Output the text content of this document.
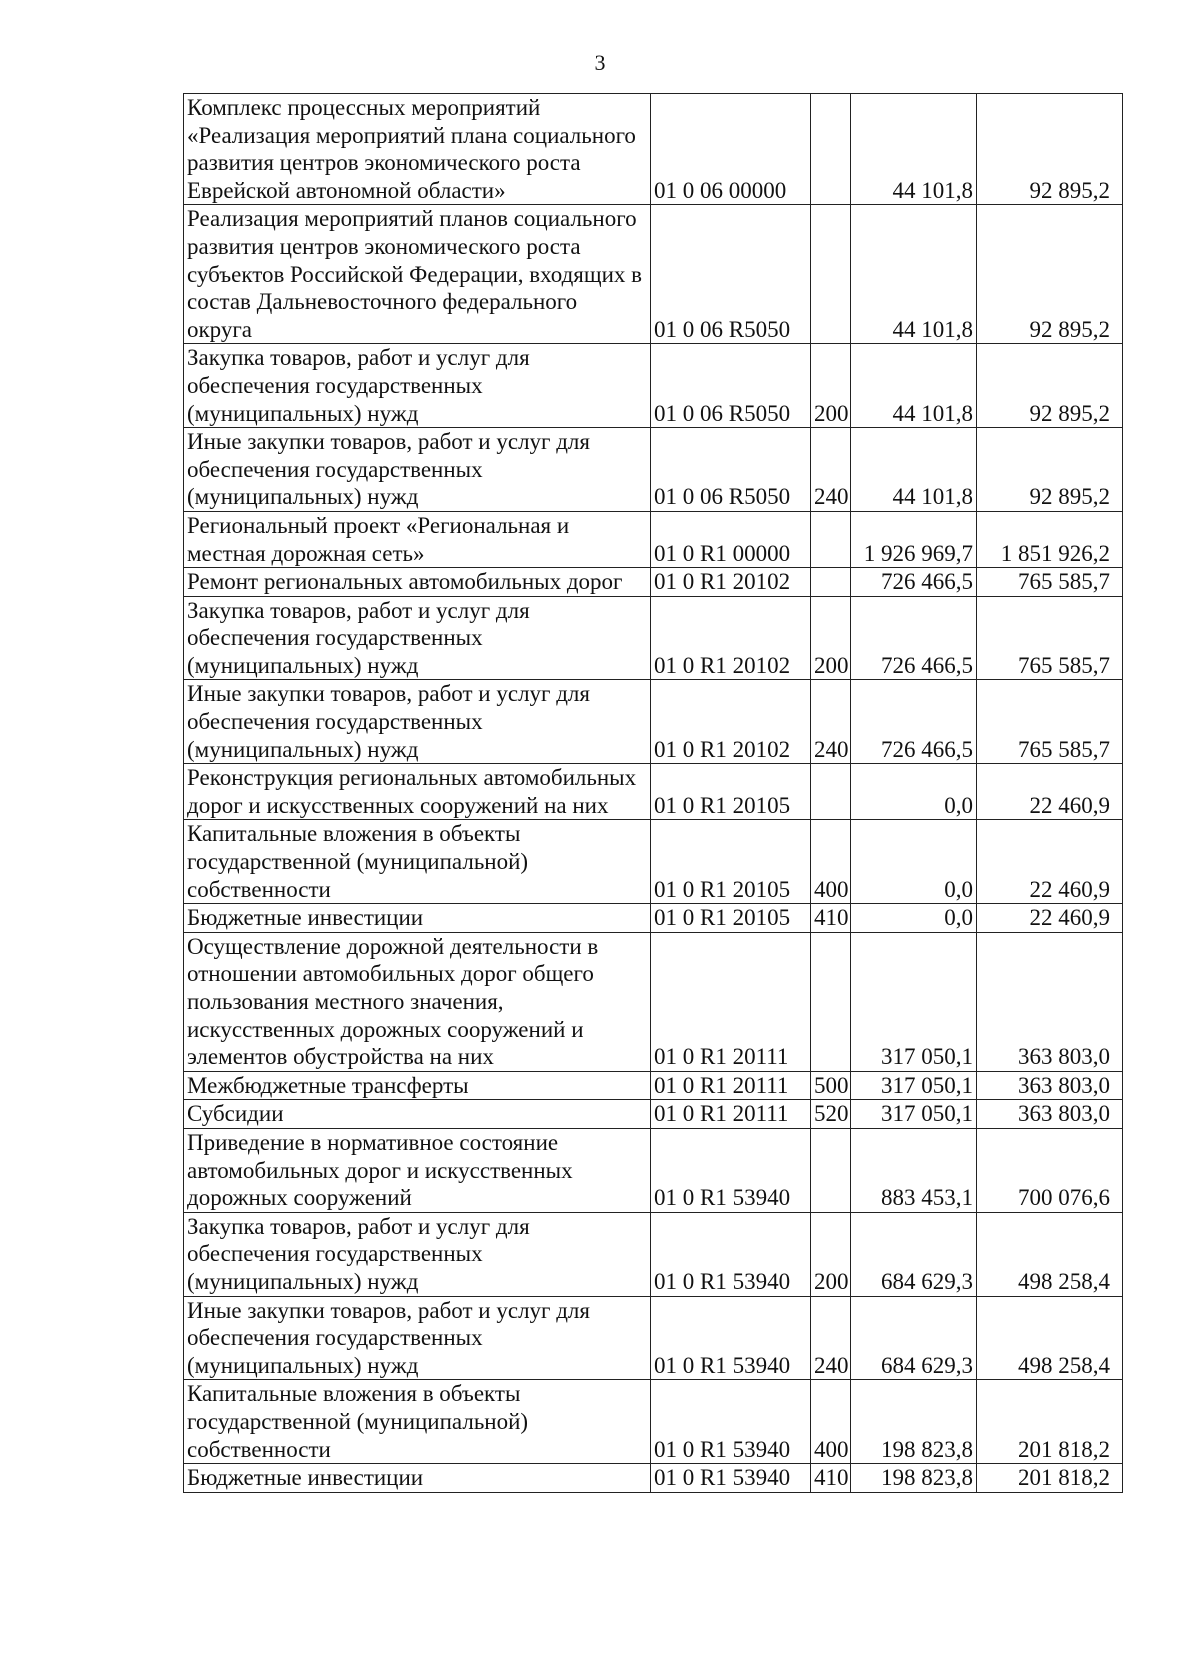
3
Комплекс процессных мероприятий «Реализация мероприятий плана социального развития центров экономического роста Еврейской автономной области»	01 0 06 00000		44 101,8	92 895,2
Реализация мероприятий планов социального развития центров экономического роста субъектов Российской Федерации, входящих в состав Дальневосточного федерального округа	01 0 06 R5050		44 101,8	92 895,2
Закупка товаров, работ и услуг для обеспечения государственных (муниципальных) нужд	01 0 06 R5050	200	44 101,8	92 895,2
Иные закупки товаров, работ и услуг для обеспечения государственных (муниципальных) нужд	01 0 06 R5050	240	44 101,8	92 895,2
Региональный проект «Региональная и местная дорожная сеть»	01 0 R1 00000		1 926 969,7	1 851 926,2
Ремонт региональных автомобильных дорог	01 0 R1 20102		726 466,5	765 585,7
Закупка товаров, работ и услуг для обеспечения государственных (муниципальных) нужд	01 0 R1 20102	200	726 466,5	765 585,7
Иные закупки товаров, работ и услуг для обеспечения государственных (муниципальных) нужд	01 0 R1 20102	240	726 466,5	765 585,7
Реконструкция региональных автомобильных дорог и искусственных сооружений на них	01 0 R1 20105		0,0	22 460,9
Капитальные вложения в объекты государственной (муниципальной) собственности	01 0 R1 20105	400	0,0	22 460,9
Бюджетные инвестиции	01 0 R1 20105	410	0,0	22 460,9
Осуществление дорожной деятельности в отношении автомобильных дорог общего пользования местного значения, искусственных дорожных сооружений и элементов обустройства на них	01 0 R1 20111		317 050,1	363 803,0
Межбюджетные трансферты	01 0 R1 20111	500	317 050,1	363 803,0
Субсидии	01 0 R1 20111	520	317 050,1	363 803,0
Приведение в нормативное состояние автомобильных дорог и искусственных дорожных сооружений	01 0 R1 53940		883 453,1	700 076,6
Закупка товаров, работ и услуг для обеспечения государственных (муниципальных) нужд	01 0 R1 53940	200	684 629,3	498 258,4
Иные закупки товаров, работ и услуг для обеспечения государственных (муниципальных) нужд	01 0 R1 53940	240	684 629,3	498 258,4
Капитальные вложения в объекты государственной (муниципальной) собственности	01 0 R1 53940	400	198 823,8	201 818,2
Бюджетные инвестиции	01 0 R1 53940	410	198 823,8	201 818,2
